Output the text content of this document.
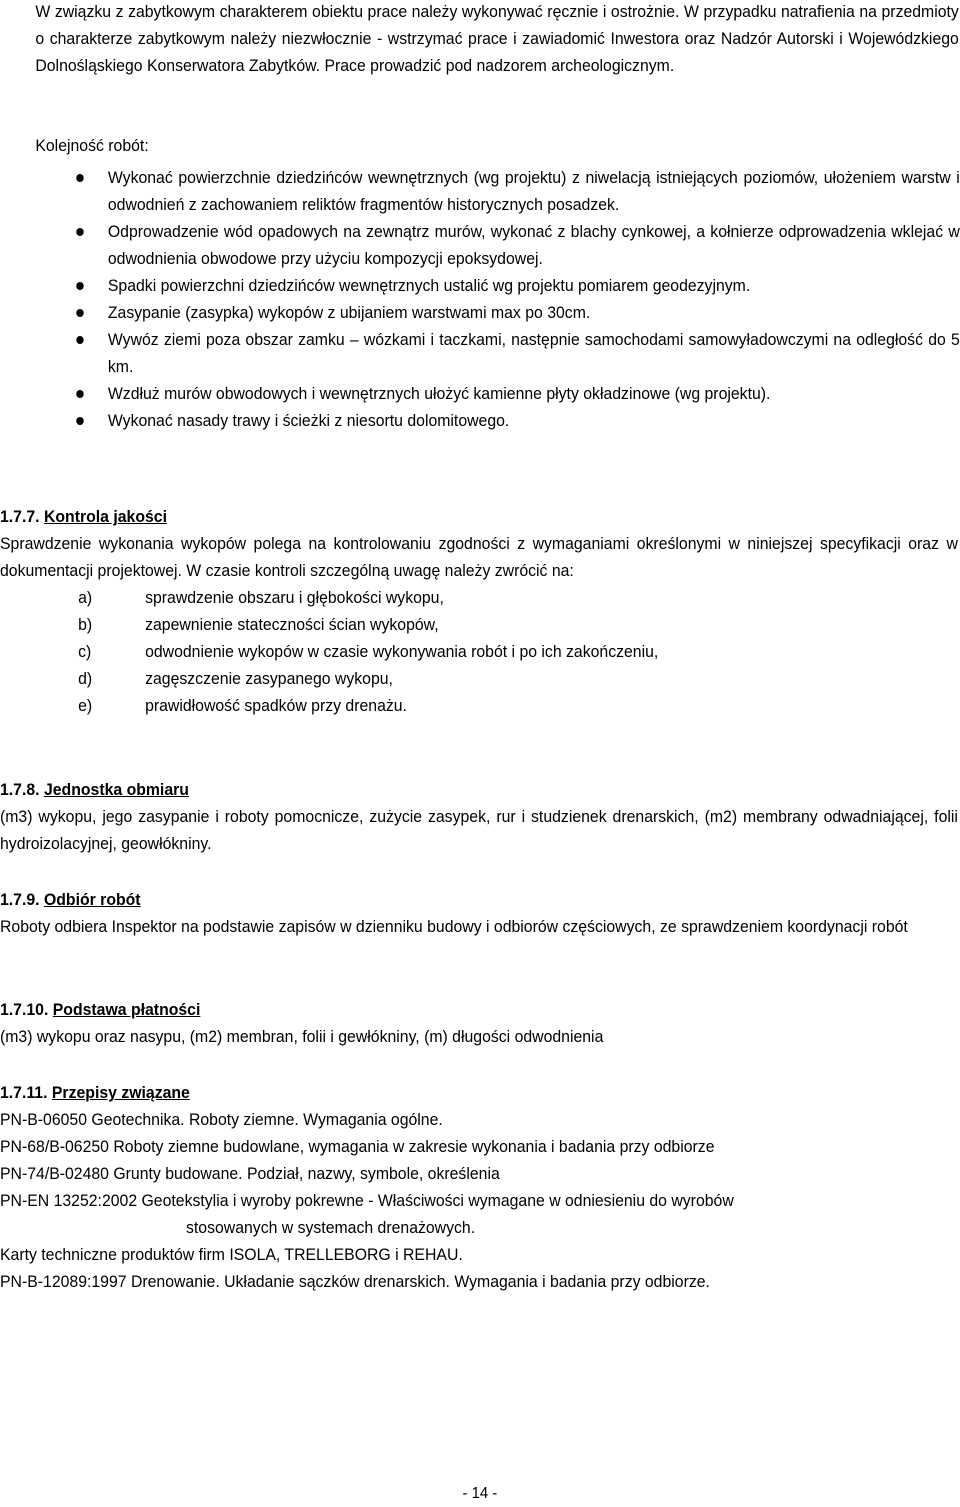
W związku z zabytkowym charakterem obiektu prace należy wykonywać ręcznie i ostrożnie. W przypadku natrafienia na przedmioty o charakterze zabytkowym należy niezwłocznie - wstrzymać prace i zawiadomić Inwestora oraz Nadzór Autorski i Wojewódzkiego Dolnośląskiego Konserwatora Zabytków. Prace prowadzić pod nadzorem archeologicznym.

Kolejność robót:
Wykonać powierzchnie dziedzińców wewnętrznych (wg projektu) z niwelacją istniejących poziomów, ułożeniem warstw i odwodnień z zachowaniem reliktów fragmentów historycznych posadzek.
Odprowadzenie wód opadowych na zewnątrz murów, wykonać z blachy cynkowej, a kołnierze odprowadzenia wklejać w odwodnienia obwodowe przy użyciu kompozycji epoksydowej.
Spadki powierzchni dziedzińców wewnętrznych ustalić wg projektu pomiarem geodezyjnym.
Zasypanie (zasypka) wykopów z ubijaniem warstwami max po 30cm.
Wywóz ziemi poza obszar zamku – wózkami i taczkami, następnie samochodami samowyładowczymi na odległość do 5 km.
Wzdłuż murów obwodowych i wewnętrznych ułożyć kamienne płyty okładzinowe (wg projektu).
Wykonać nasady trawy i ścieżki z niesortu dolomitowego.
1.7.7. Kontrola jakości

Sprawdzenie wykonania wykopów polega na kontrolowaniu zgodności z wymaganiami określonymi w niniejszej specyfikacji oraz w dokumentacji projektowej. W czasie kontroli szczególną uwagę należy zwrócić na:

a)	sprawdzenie obszaru i głębokości wykopu,
b)	zapewnienie stateczności ścian wykopów,
c)	odwodnienie wykopów w czasie wykonywania robót i po ich zakończeniu,
d)	zagęszczenie zasypanego wykopu,
e)	prawidłowość spadków przy drenażu.
1.7.8. Jednostka obmiaru

(m3) wykopu, jego zasypanie i roboty pomocnicze, zużycie zasypek, rur i studzienek drenarskich, (m2) membrany odwadniającej, folii hydroizolacyjnej, geowłókniny.

1.7.9. Odbiór robót

Roboty odbiera Inspektor na podstawie zapisów w dzienniku budowy i odbiorów częściowych, ze sprawdzeniem koordynacji robót

1.7.10. Podstawa płatności

(m3) wykopu oraz nasypu, (m2) membran, folii i gewłókniny, (m) długości odwodnienia

1.7.11. Przepisy związane

PN-B-06050 Geotechnika. Roboty ziemne. Wymagania ogólne.

PN-68/B-06250 Roboty ziemne budowlane, wymagania w zakresie wykonania i badania przy odbiorze

PN-74/B-02480 Grunty budowane. Podział, nazwy, symbole, określenia

PN-EN 13252:2002 Geotekstylia i wyroby pokrewne - Właściwości wymagane w odniesieniu do wyrobów

stosowanych w systemach drenażowych.

Karty techniczne produktów firm ISOLA, TRELLEBORG i REHAU.

PN-B-12089:1997 Drenowanie. Układanie sączków drenarskich. Wymagania i badania przy odbiorze.

- 14 -
